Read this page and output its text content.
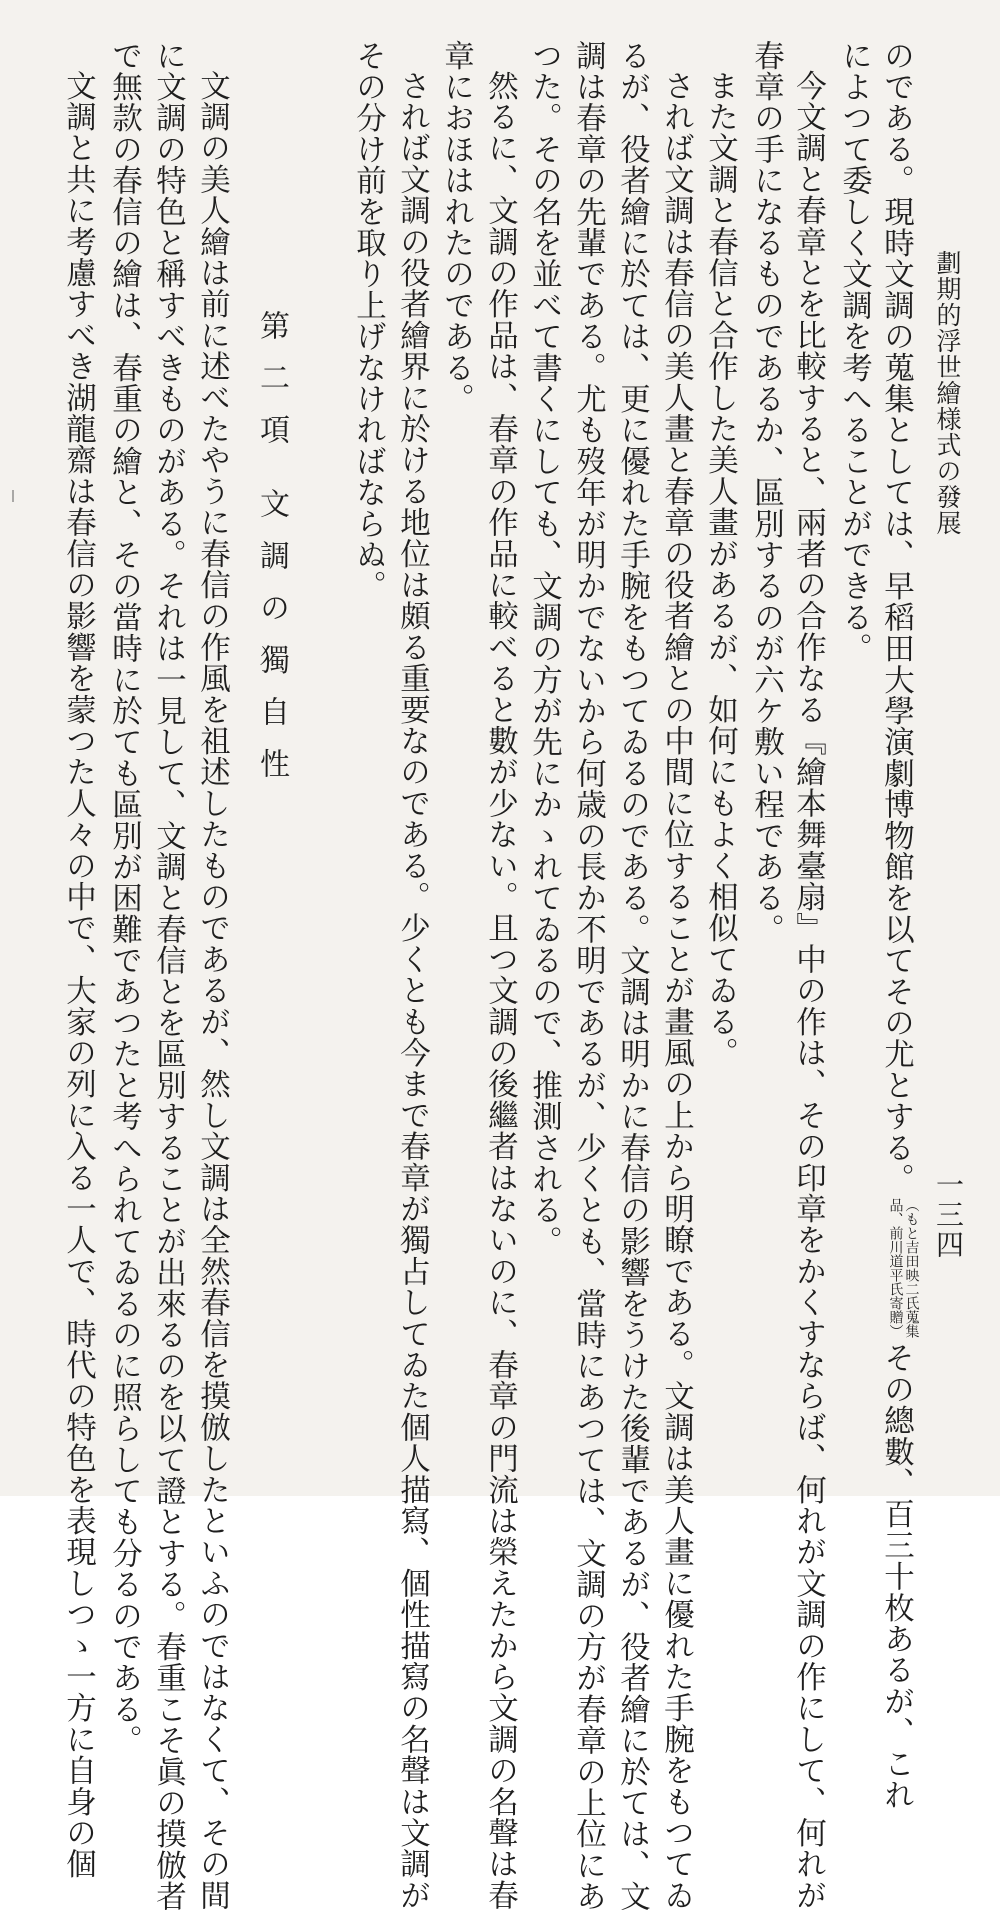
劃期的浮世繪様式の發展
一三四
のである。現時文調の蒐集としては、早稻田大學演劇博物館を以てその尤とする。（もと吉田映二氏蒐集品、前川道平氏寄贈）その總數、百三十枚あるが、これ
によつて委しく文調を考へることができる。
今文調と春章とを比較すると、兩者の合作なる『繪本舞臺扇』中の作は、その印章をかくすならば、何れが文調の作にして、何れが
春章の手になるものであるか、區別するのが六ケ敷い程である。
また文調と春信と合作した美人畫があるが、如何にもよく相似てゐる。
されば文調は春信の美人畫と春章の役者繪との中間に位することが畫風の上から明瞭である。文調は美人畫に優れた手腕をもつてゐ
るが、役者繪に於ては、更に優れた手腕をもつてゐるのである。文調は明かに春信の影響をうけた後輩であるが、役者繪に於ては、文
調は春章の先輩である。尤も歿年が明かでないから何歳の長か不明であるが、少くとも、當時にあつては、文調の方が春章の上位にあ
つた。その名を並べて書くにしても、文調の方が先にかゝれてゐるので、推測される。
然るに、文調の作品は、春章の作品に較べると數が少ない。且つ文調の後繼者はないのに、春章の門流は榮えたから文調の名聲は春
章におほはれたのである。
されば文調の役者繪界に於ける地位は頗る重要なのである。少くとも今まで春章が獨占してゐた個人描寫、個性描寫の名聲は文調が
その分け前を取り上げなければならぬ。
第二項文調の獨自性
文調の美人繪は前に述べたやうに春信の作風を祖述したものであるが、然し文調は全然春信を摸倣したといふのではなくて、その間
に文調の特色と稱すべきものがある。それは一見して、文調と春信とを區別することが出來るのを以て證とする。春重こそ眞の摸倣者
で無款の春信の繪は、春重の繪と、その當時に於ても區別が困難であつたと考へられてゐるのに照らしても分るのである。
文調と共に考慮すべき湖龍齋は春信の影響を蒙つた人々の中で、大家の列に入る一人で、時代の特色を表現しつゝ一方に自身の個
